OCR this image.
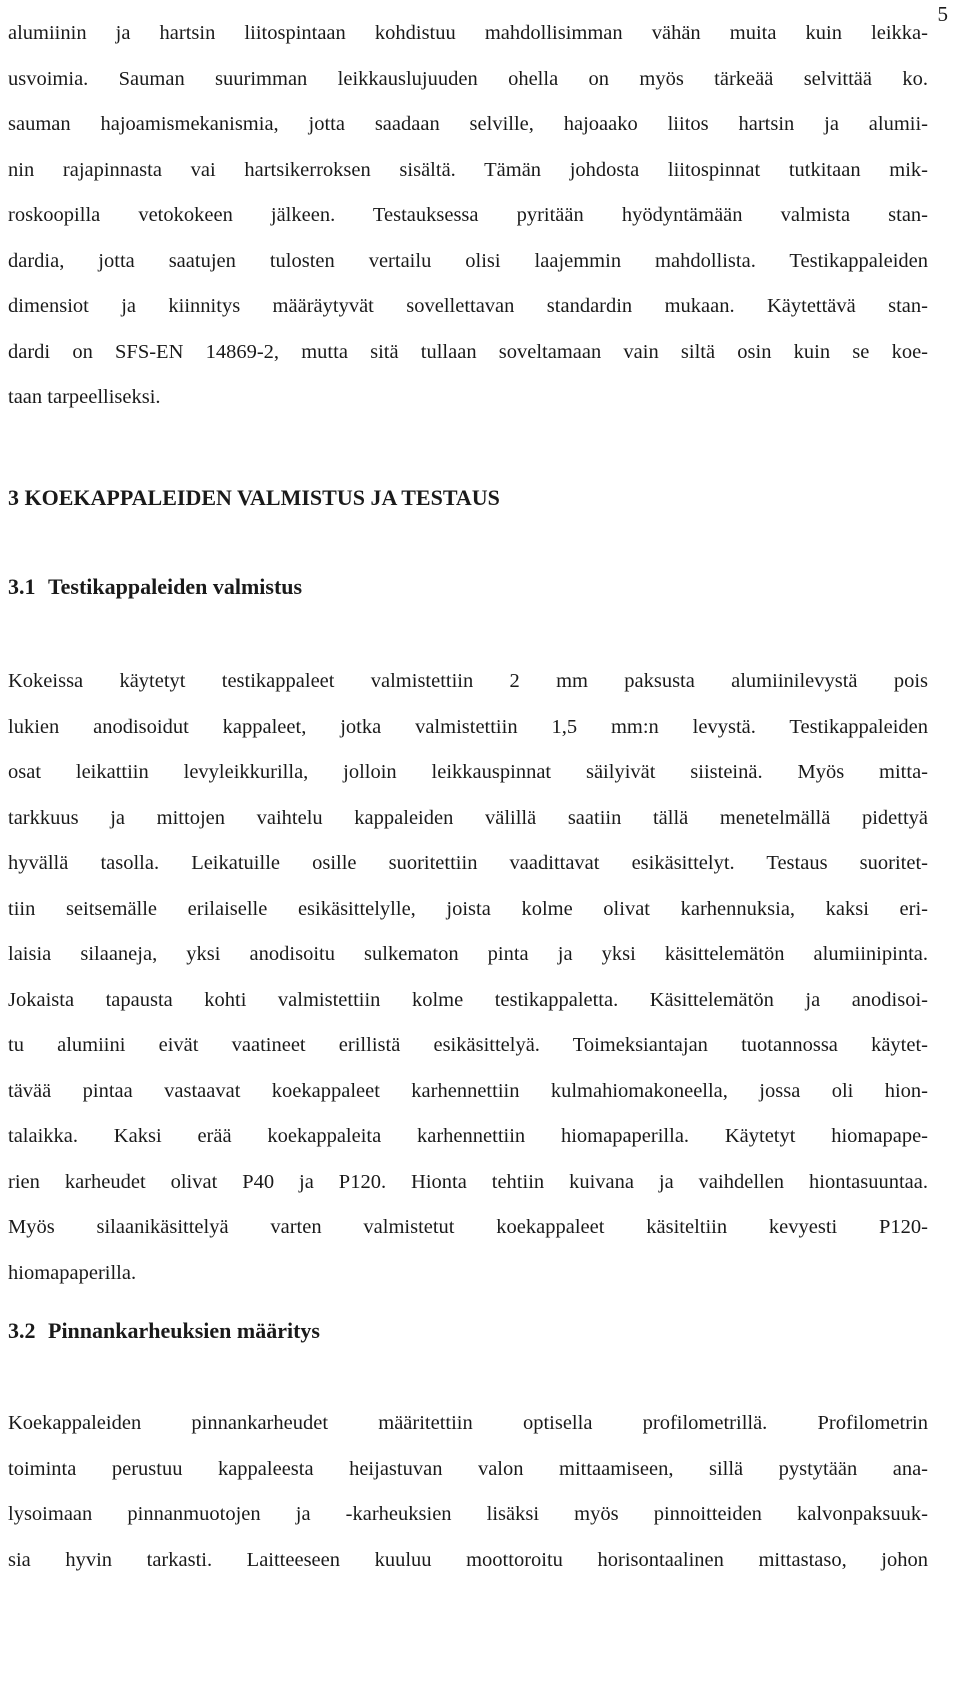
5
alumiinin ja hartsin liitospintaan kohdistuu mahdollisimman vähän muita kuin leikka-
usvoimia. Sauman suurimman leikkauslujuuden ohella on myös tärkeää selvittää ko.
sauman hajoamismekanismia, jotta saadaan selville, hajoaako liitos hartsin ja alumii-
nin rajapinnasta vai hartsikerroksen sisältä. Tämän johdosta liitospinnat tutkitaan mik-
roskoopilla vetokokeen jälkeen. Testauksessa pyritään hyödyntämään valmista stan-
dardia, jotta saatujen tulosten vertailu olisi laajemmin mahdollista. Testikappaleiden
dimensiot ja kiinnitys määräytyvät sovellettavan standardin mukaan. Käytettävä stan-
dardi on SFS-EN 14869-2, mutta sitä tullaan soveltamaan vain siltä osin kuin se koe-
taan tarpeelliseksi.
3 KOEKAPPALEIDEN VALMISTUS JA TESTAUS
3.1 Testikappaleiden valmistus
Kokeissa käytetyt testikappaleet valmistettiin 2 mm paksusta alumiinilevystä pois
lukien anodisoidut kappaleet, jotka valmistettiin 1,5 mm:n levystä. Testikappaleiden
osat leikattiin levyleikkurilla, jolloin leikkauspinnat säilyivät siisteinä. Myös mitta-
tarkkuus ja mittojen vaihtelu kappaleiden välillä saatiin tällä menetelmällä pidettyä
hyvällä tasolla. Leikatuille osille suoritettiin vaadittavat esikäsittelyt. Testaus suoritet-
tiin seitsemälle erilaiselle esikäsittelylle, joista kolme olivat karhennuksia, kaksi eri-
laisia silaaneja, yksi anodisoitu sulkematon pinta ja yksi käsittelemätön alumiinipinta.
Jokaista tapausta kohti valmistettiin kolme testikappaletta. Käsittelemätön ja anodisoi-
tu alumiini eivät vaatineet erillistä esikäsittelyä. Toimeksiantajan tuotannossa käytet-
tävää pintaa vastaavat koekappaleet karhennettiin kulmahiomakoneella, jossa oli hion-
talaikka. Kaksi erää koekappaleita karhennettiin hiomapaperilla. Käytetyt hiomapape-
rien karheudet olivat P40 ja P120. Hionta tehtiin kuivana ja vaihdellen hiontasuuntaa.
Myös silaanikäsittelyä varten valmistetut koekappaleet käsiteltiin kevyesti P120-
hiomapaperilla.
3.2 Pinnankarheuksien määritys
Koekappaleiden pinnankarheudet määritettiin optisella profilometrillä. Profilometrin
toiminta perustuu kappaleesta heijastuvan valon mittaamiseen, sillä pystytään ana-
lysoimaan pinnanmuotojen ja -karheuksien lisäksi myös pinnoitteiden kalvonpaksuuk-
sia hyvin tarkasti. Laitteeseen kuuluu moottoroitu horisontaalinen mittastaso, johon
